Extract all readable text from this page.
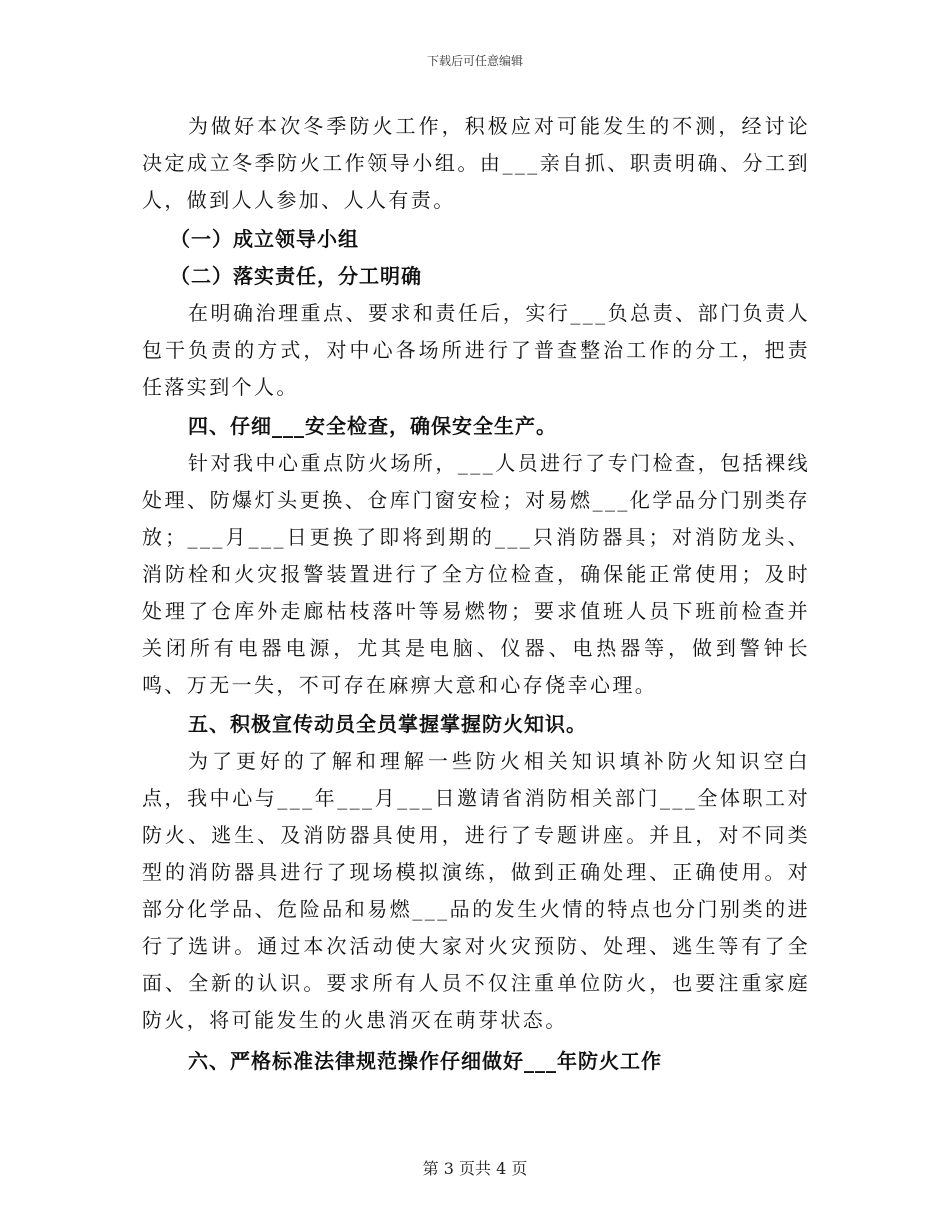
下载后可任意编辑

为做好本次冬季防火工作，积极应对可能发生的不测，经讨论决定成立冬季防火工作领导小组。由___亲自抓、职责明确、分工到人，做到人人参加、人人有责。

（一）成立领导小组

（二）落实责任，分工明确

在明确治理重点、要求和责任后，实行___负总责、部门负责人包干负责的方式，对中心各场所进行了普查整治工作的分工，把责任落实到个人。

四、仔细___安全检查，确保安全生产。

针对我中心重点防火场所，___人员进行了专门检查，包括裸线处理、防爆灯头更换、仓库门窗安检；对易燃___化学品分门别类存放；___月___日更换了即将到期的___只消防器具；对消防龙头、消防栓和火灾报警装置进行了全方位检查，确保能正常使用；及时处理了仓库外走廊枯枝落叶等易燃物；要求值班人员下班前检查并关闭所有电器电源，尤其是电脑、仪器、电热器等，做到警钟长鸣、万无一失，不可存在麻痹大意和心存侥幸心理。

五、积极宣传动员全员掌握掌握防火知识。

为了更好的了解和理解一些防火相关知识填补防火知识空白点，我中心与___年___月___日邀请省消防相关部门___全体职工对防火、逃生、及消防器具使用，进行了专题讲座。并且，对不同类型的消防器具进行了现场模拟演练，做到正确处理、正确使用。对部分化学品、危险品和易燃___品的发生火情的特点也分门别类的进行了选讲。通过本次活动使大家对火灾预防、处理、逃生等有了全面、全新的认识。要求所有人员不仅注重单位防火，也要注重家庭防火，将可能发生的火患消灭在萌芽状态。

六、严格标准法律规范操作仔细做好___年防火工作

第 3 页共 4 页
